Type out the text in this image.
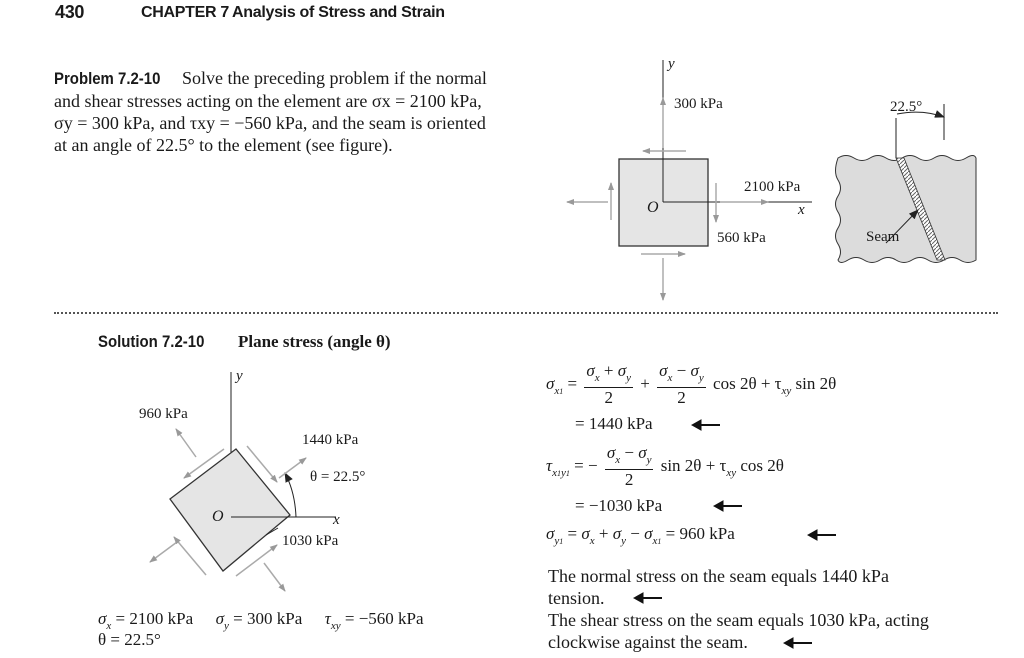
430	CHAPTER 7 Analysis of Stress and Strain
Problem 7.2-10 Solve the preceding problem if the normal
and shear stresses acting on the element are σx = 2100 kPa,
σy = 300 kPa, and τxy = −560 kPa, and the seam is oriented
at an angle of 22.5° to the element (see figure).
y
300 kPa
2100 kPa
x
O
560 kPa
22.5°
Seam
Solution 7.2-10 Plane stress (angle θ)
y
960 kPa
1440 kPa
θ = 22.5°
O	x
1030 kPa
$\sigma_x = 2100$ kPa $\sigma_y = 300$ kPa $\tau_{xy} = -560$ kPa
θ = 22.5°
$\sigma_{x1} = \frac{\sigma_x + \sigma_y}{2} + \frac{\sigma_x - \sigma_y}{2}$ $\cos 2\theta + \tau_{xy}$ sin 2θ
= 1440 kPa
$\tau_{x1y1}$ = − $\frac{\sigma_x - \sigma_y}{2}$ $\sin 2\theta + \tau_{xy}$ cos 2θ
= −1030 kPa
$\sigma_{y1} = \sigma_x + \sigma_y - \sigma_{x1} = 960$ kPa
The normal stress on the seam equals 1440 kPa
tension.
The shear stress on the seam equals 1030 kPa, acting
clockwise against the seam.
